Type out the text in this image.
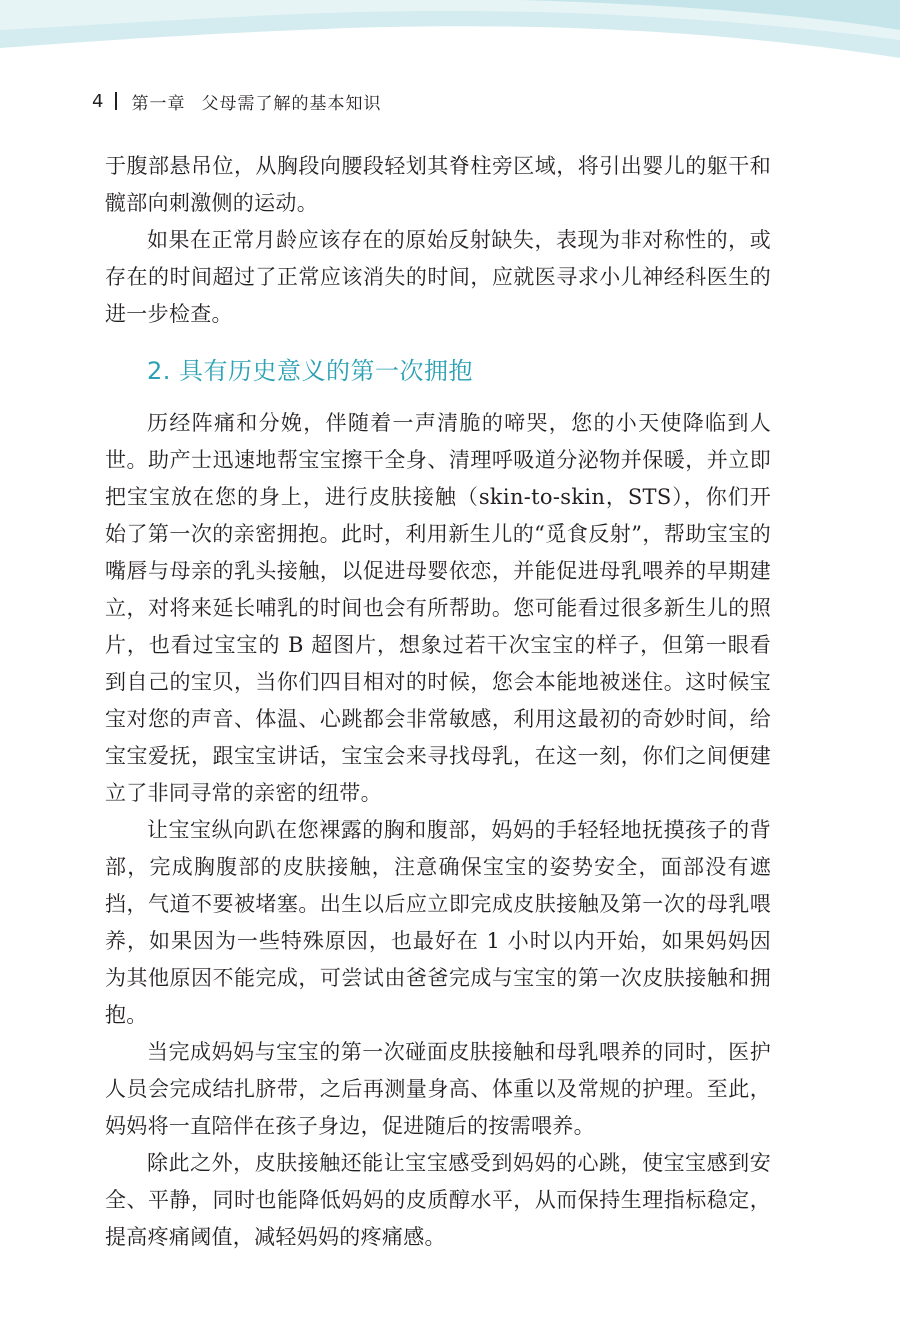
4 第一章 父母需了解的基本知识

于腹部悬吊位，从胸段向腰段轻划其脊柱旁区域，将引出婴儿的躯干和髋部向刺激侧的运动。

如果在正常月龄应该存在的原始反射缺失，表现为非对称性的，或存在的时间超过了正常应该消失的时间，应就医寻求小儿神经科医生的进一步检查。

2. 具有历史意义的第一次拥抱

历经阵痛和分娩，伴随着一声清脆的啼哭，您的小天使降临到人世。助产士迅速地帮宝宝擦干全身、清理呼吸道分泌物并保暖，并立即把宝宝放在您的身上，进行皮肤接触（skin-to-skin，STS），你们开始了第一次的亲密拥抱。此时，利用新生儿的“觅食反射”，帮助宝宝的嘴唇与母亲的乳头接触，以促进母婴依恋，并能促进母乳喂养的早期建立，对将来延长哺乳的时间也会有所帮助。您可能看过很多新生儿的照片，也看过宝宝的 B 超图片，想象过若干次宝宝的样子，但第一眼看到自己的宝贝，当你们四目相对的时候，您会本能地被迷住。这时候宝宝对您的声音、体温、心跳都会非常敏感，利用这最初的奇妙时间，给宝宝爱抚，跟宝宝讲话，宝宝会来寻找母乳，在这一刻，你们之间便建立了非同寻常的亲密的纽带。

让宝宝纵向趴在您裸露的胸和腹部，妈妈的手轻轻地抚摸孩子的背部，完成胸腹部的皮肤接触，注意确保宝宝的姿势安全，面部没有遮挡，气道不要被堵塞。出生以后应立即完成皮肤接触及第一次的母乳喂养，如果因为一些特殊原因，也最好在 1 小时以内开始，如果妈妈因为其他原因不能完成，可尝试由爸爸完成与宝宝的第一次皮肤接触和拥抱。

当完成妈妈与宝宝的第一次碰面皮肤接触和母乳喂养的同时，医护人员会完成结扎脐带，之后再测量身高、体重以及常规的护理。至此，妈妈将一直陪伴在孩子身边，促进随后的按需喂养。

除此之外，皮肤接触还能让宝宝感受到妈妈的心跳，使宝宝感到安全、平静，同时也能降低妈妈的皮质醇水平，从而保持生理指标稳定，提高疼痛阈值，减轻妈妈的疼痛感。
